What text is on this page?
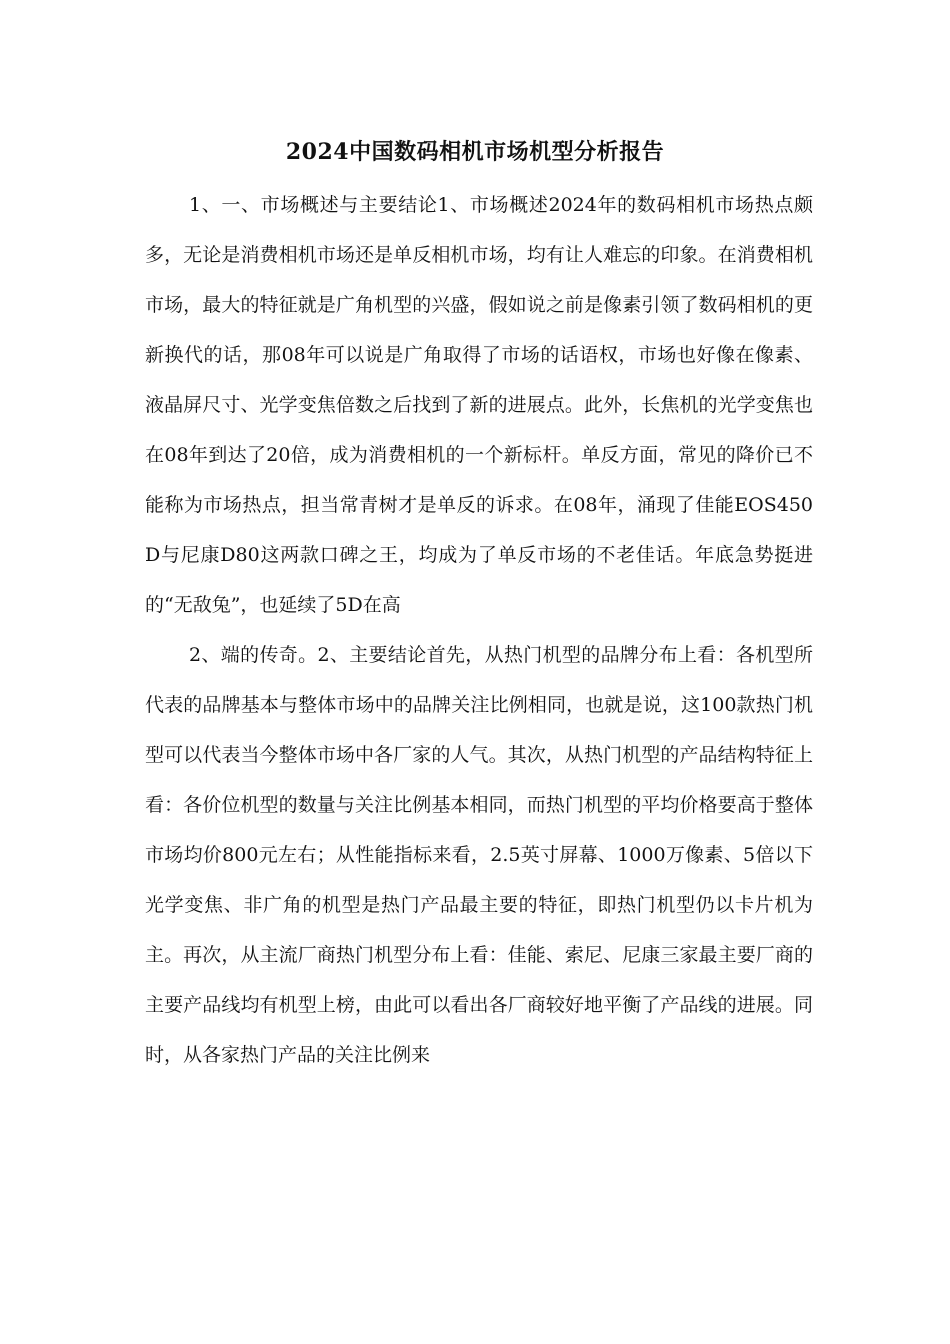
2024中国数码相机市场机型分析报告

1、一、市场概述与主要结论1、市场概述2024年的数码相机市场热点颇多，无论是消费相机市场还是单反相机市场，均有让人难忘的印象。在消费相机市场，最大的特征就是广角机型的兴盛，假如说之前是像素引领了数码相机的更新换代的话，那08年可以说是广角取得了市场的话语权，市场也好像在像素、液晶屏尺寸、光学变焦倍数之后找到了新的进展点。此外，长焦机的光学变焦也在08年到达了20倍，成为消费相机的一个新标杆。单反方面，常见的降价已不能称为市场热点，担当常青树才是单反的诉求。在08年，涌现了佳能EOS450D与尼康D80这两款口碑之王，均成为了单反市场的不老佳话。年底急势挺进的“无敌兔”，也延续了5D在高

2、端的传奇。2、主要结论首先，从热门机型的品牌分布上看：各机型所代表的品牌基本与整体市场中的品牌关注比例相同，也就是说，这100款热门机型可以代表当今整体市场中各厂家的人气。其次，从热门机型的产品结构特征上看：各价位机型的数量与关注比例基本相同，而热门机型的平均价格要高于整体市场均价800元左右；从性能指标来看，2.5英寸屏幕、1000万像素、5倍以下光学变焦、非广角的机型是热门产品最主要的特征，即热门机型仍以卡片机为主。再次，从主流厂商热门机型分布上看：佳能、索尼、尼康三家最主要厂商的主要产品线均有机型上榜，由此可以看出各厂商较好地平衡了产品线的进展。同时，从各家热门产品的关注比例来
